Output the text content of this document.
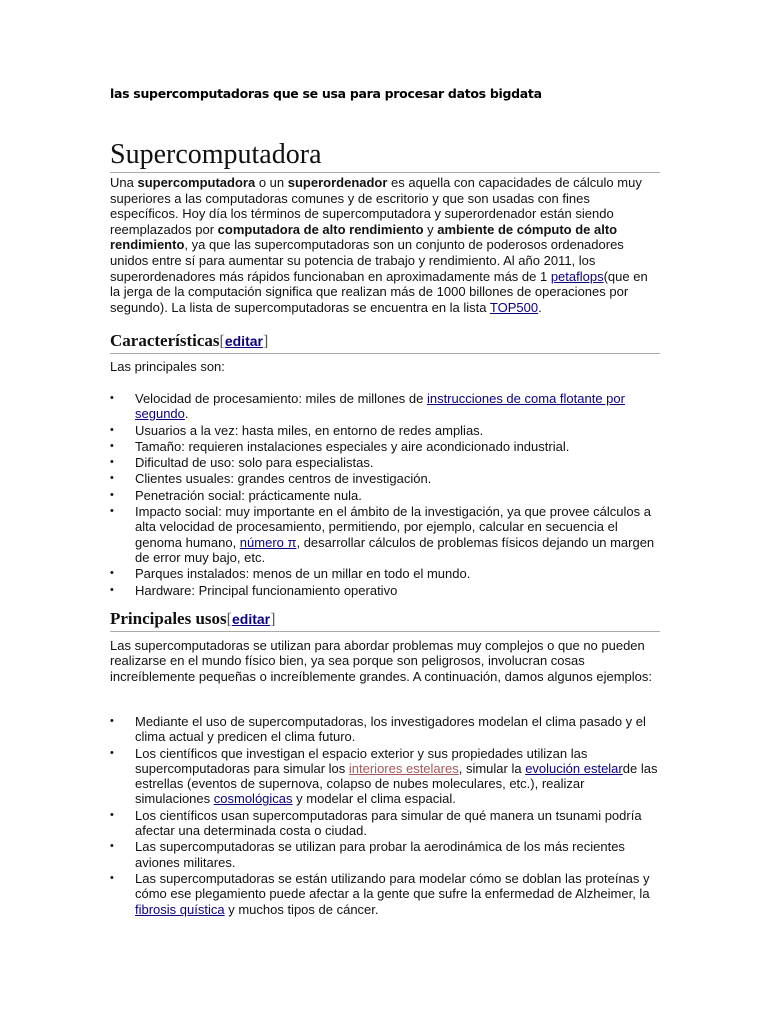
las supercomputadoras que se usa para procesar datos bigdata
Supercomputadora

Una supercomputadora o un superordenador es aquella con capacidades de cálculo muy superiores a las computadoras comunes y de escritorio y que son usadas con fines específicos. Hoy día los términos de supercomputadora y superordenador están siendo reemplazados por computadora de alto rendimiento y ambiente de cómputo de alto rendimiento, ya que las supercomputadoras son un conjunto de poderosos ordenadores unidos entre sí para aumentar su potencia de trabajo y rendimiento. Al año 2011, los superordenadores más rápidos funcionaban en aproximadamente más de 1 petaflops(que en la jerga de la computación significa que realizan más de 1000 billones de operaciones por segundo). La lista de supercomputadoras se encuentra en la lista TOP500.

Características[editar]

Las principales son:

• Velocidad de procesamiento: miles de millones de instrucciones de coma flotante por segundo.
• Usuarios a la vez: hasta miles, en entorno de redes amplias.
• Tamaño: requieren instalaciones especiales y aire acondicionado industrial.
• Dificultad de uso: solo para especialistas.
• Clientes usuales: grandes centros de investigación.
• Penetración social: prácticamente nula.
• Impacto social: muy importante en el ámbito de la investigación, ya que provee cálculos a alta velocidad de procesamiento, permitiendo, por ejemplo, calcular en secuencia el genoma humano, número π, desarrollar cálculos de problemas físicos dejando un margen de error muy bajo, etc.
• Parques instalados: menos de un millar en todo el mundo.
• Hardware: Principal funcionamiento operativo
Principales usos[editar]

Las supercomputadoras se utilizan para abordar problemas muy complejos o que no pueden realizarse en el mundo físico bien, ya sea porque son peligrosos, involucran cosas increíblemente pequeñas o increíblemente grandes. A continuación, damos algunos ejemplos:

• Mediante el uso de supercomputadoras, los investigadores modelan el clima pasado y el clima actual y predicen el clima futuro.
• Los científicos que investigan el espacio exterior y sus propiedades utilizan las supercomputadoras para simular los interiores estelares, simular la evolución estelarde las estrellas (eventos de supernova, colapso de nubes moleculares, etc.), realizar simulaciones cosmológicas y modelar el clima espacial.
• Los científicos usan supercomputadoras para simular de qué manera un tsunami podría afectar una determinada costa o ciudad.
• Las supercomputadoras se utilizan para probar la aerodinámica de los más recientes aviones militares.
• Las supercomputadoras se están utilizando para modelar cómo se doblan las proteínas y cómo ese plegamiento puede afectar a la gente que sufre la enfermedad de Alzheimer, la fibrosis quística y muchos tipos de cáncer.
